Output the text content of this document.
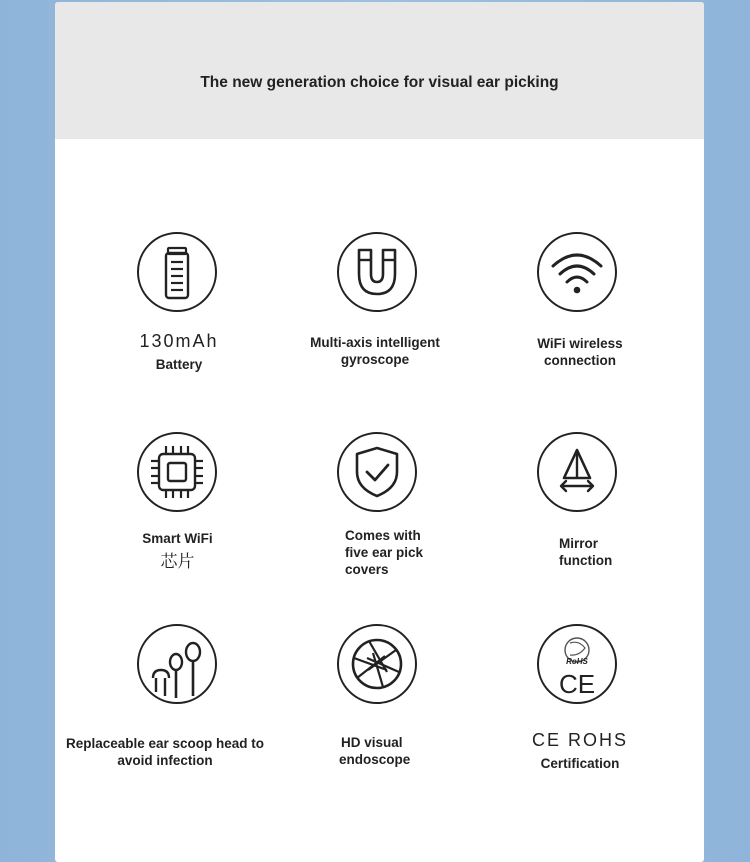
The new generation choice for visual ear picking
130mAh
Battery
Multi-axis intelligent
gyroscope
WiFi wireless
connection
Smart WiFi
芯片
Comes with
five ear pick
covers
Mirror
function
Replaceable ear scoop head to
avoid infection
HD visual
endoscope
RoHS
CE
CE ROHS
Certification
